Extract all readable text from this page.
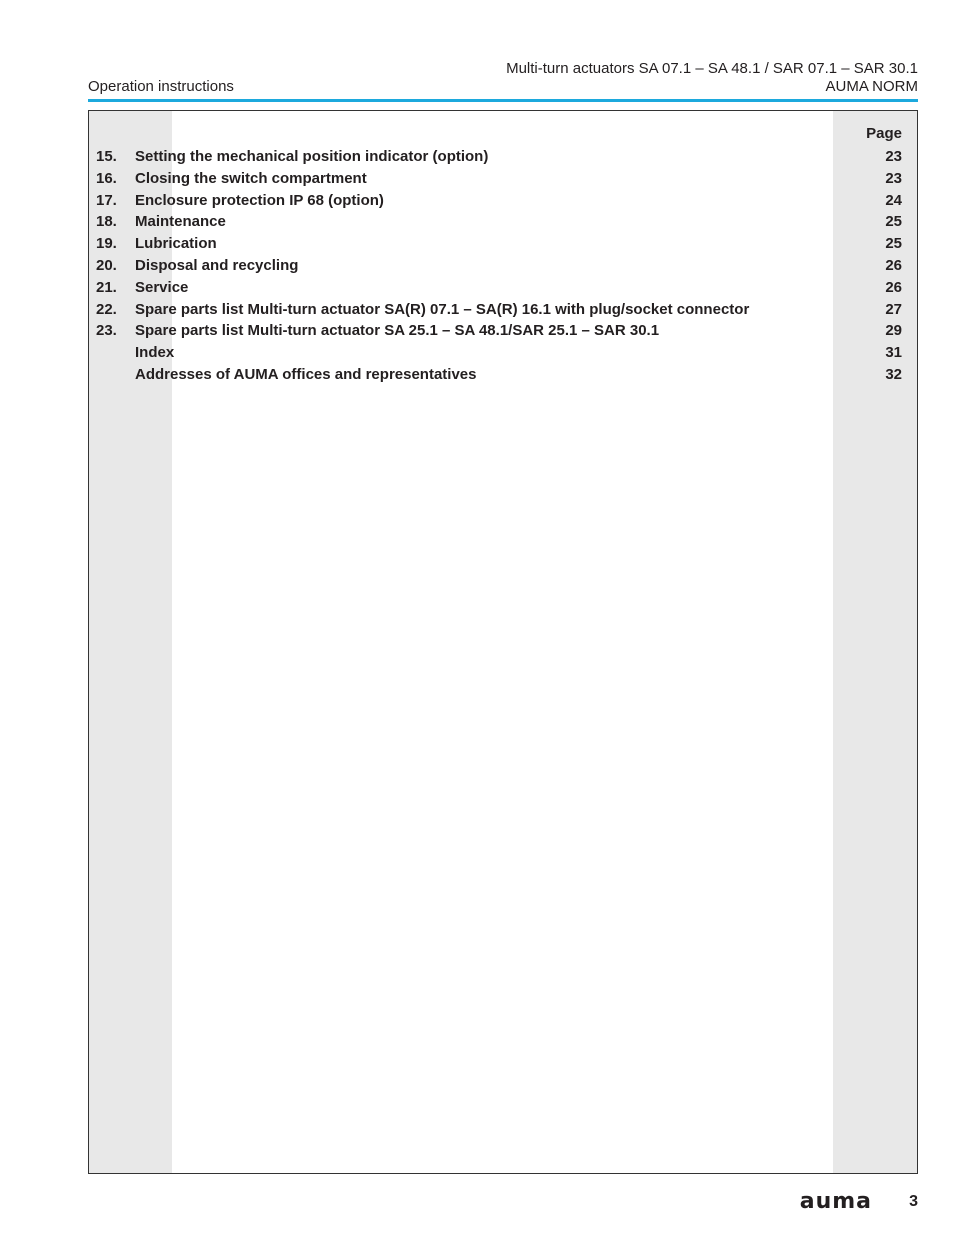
Operation instructions
Multi-turn actuators SA 07.1 – SA 48.1 / SAR 07.1 – SAR 30.1
AUMA NORM
Page
15. Setting the mechanical position indicator (option)	23
16. Closing the switch compartment	23
17. Enclosure protection IP 68 (option)	24
18. Maintenance	25
19. Lubrication	25
20. Disposal and recycling	26
21. Service	26
22. Spare parts list Multi-turn actuator SA(R) 07.1 – SA(R) 16.1 with plug/socket connector	27
23. Spare parts list Multi-turn actuator SA 25.1 – SA 48.1/SAR 25.1 – SAR 30.1	29
Index	31
Addresses of AUMA offices and representatives	32
auma 3
